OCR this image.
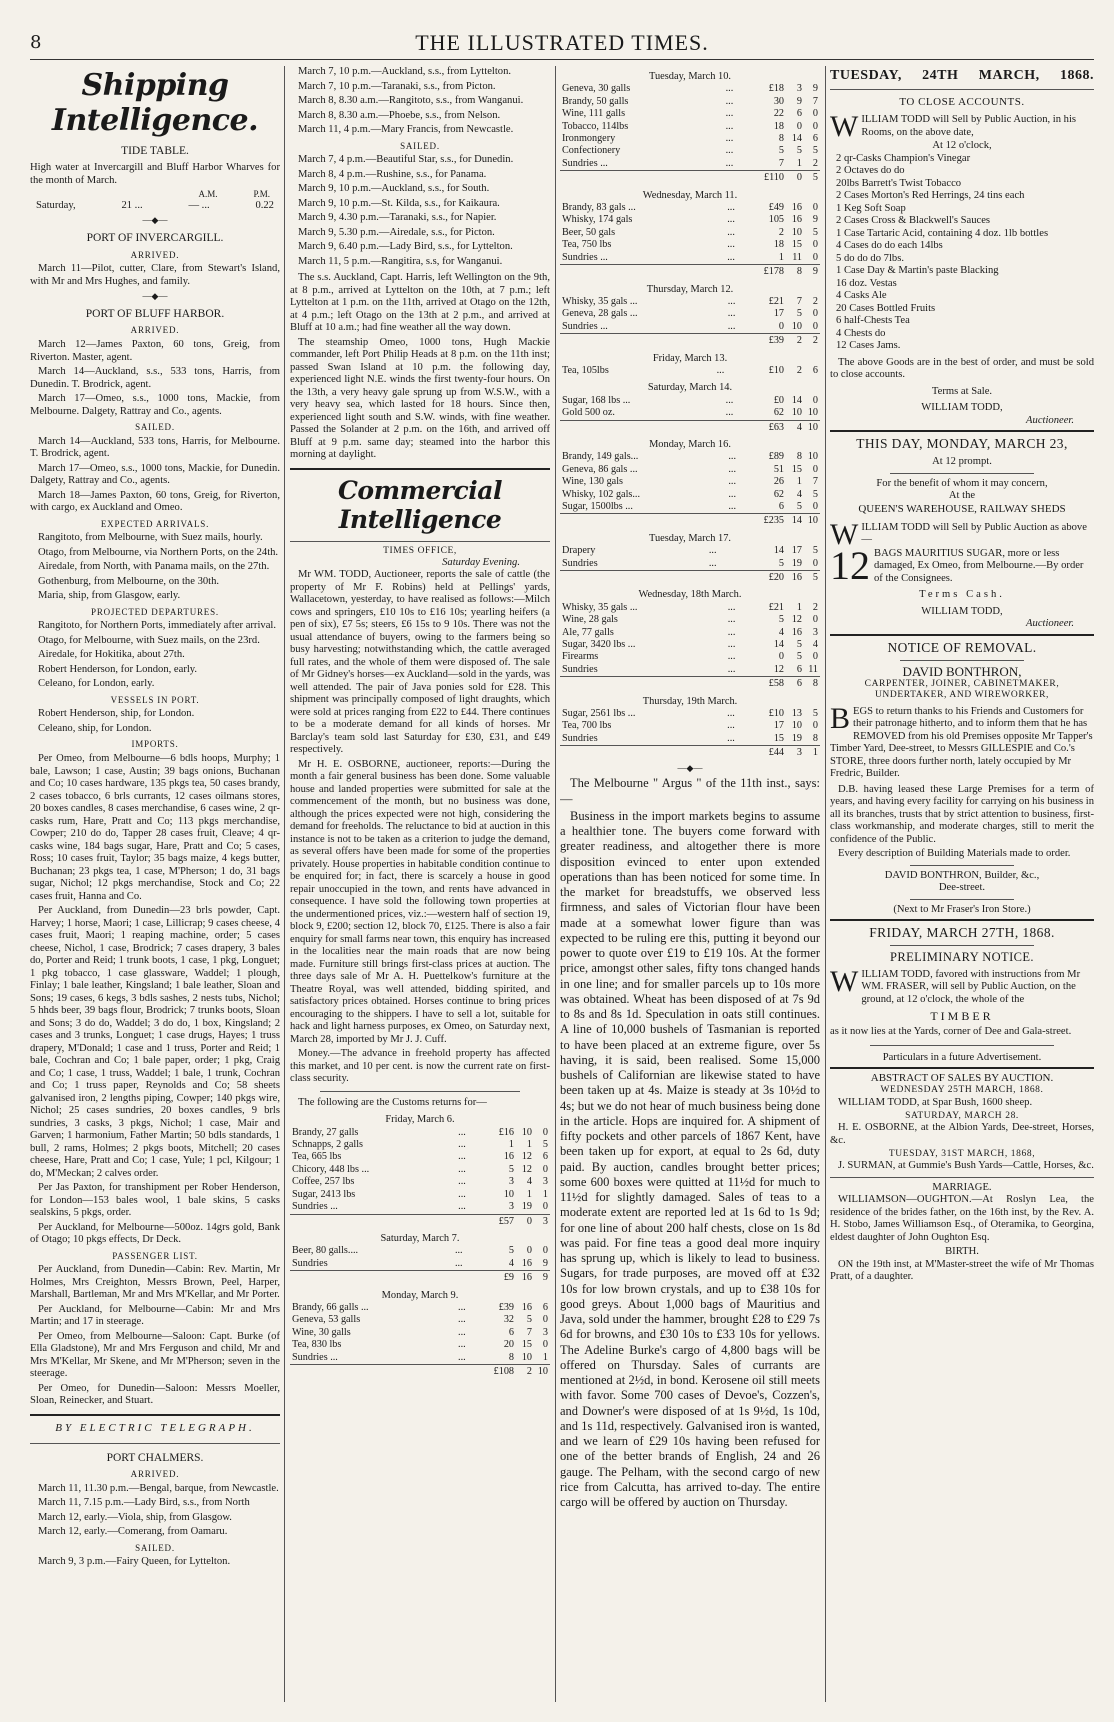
8	THE ILLUSTRATED TIMES.
Shipping Intelligence.
TIDE TABLE.

High water at Invercargill and Bluff Harbor Wharves for the month of March.

A.M.	P.M.
Saturday,	21 ...	— ...	0.22
—◆—
PORT OF INVERCARGILL.
ARRIVED.

March 11—Pilot, cutter, Clare, from Stewart's Island, with Mr and Mrs Hughes, and family.

—◆—
PORT OF BLUFF HARBOR.
ARRIVED.

March 12—James Paxton, 60 tons, Greig, from Riverton. Master, agent.

March 14—Auckland, s.s., 533 tons, Harris, from Dunedin. T. Brodrick, agent.

March 17—Omeo, s.s., 1000 tons, Mackie, from Melbourne. Dalgety, Rattray and Co., agents.

SAILED.

March 14—Auckland, 533 tons, Harris, for Melbourne. T. Brodrick, agent.

March 17—Omeo, s.s., 1000 tons, Mackie, for Dunedin. Dalgety, Rattray and Co., agents.

March 18—James Paxton, 60 tons, Greig, for Riverton, with cargo, ex Auckland and Omeo.

EXPECTED ARRIVALS.

Rangitoto, from Melbourne, with Suez mails, hourly.

Otago, from Melbourne, via Northern Ports, on the 24th.

Airedale, from North, with Panama mails, on the 27th.

Gothenburg, from Melbourne, on the 30th.

Maria, ship, from Glasgow, early.

PROJECTED DEPARTURES.

Rangitoto, for Northern Ports, immediately after arrival.

Otago, for Melbourne, with Suez mails, on the 23rd.

Airedale, for Hokitika, about 27th.

Robert Henderson, for London, early.

Celeano, for London, early.

VESSELS IN PORT.

Robert Henderson, ship, for London.

Celeano, ship, for London.

IMPORTS.

Per Omeo, from Melbourne—6 bdls hoops, Murphy; 1 bale, Lawson; 1 case, Austin; 39 bags onions, Buchanan and Co; 10 cases hardware, 135 pkgs tea, 50 cases brandy, 2 cases tobacco, 6 brls currants, 12 cases oilmans stores, 20 boxes candles, 8 cases merchandise, 6 cases wine, 2 qr-casks rum, Hare, Pratt and Co; 113 pkgs merchandise, Cowper; 210 do do, Tapper 28 cases fruit, Cleave; 4 qr-casks wine, 184 bags sugar, Hare, Pratt and Co; 5 cases, Ross; 10 cases fruit, Taylor; 35 bags maize, 4 kegs butter, Buchanan; 23 pkgs tea, 1 case, M'Pherson; 1 do, 31 bags sugar, Nichol; 12 pkgs merchandise, Stock and Co; 22 cases fruit, Hanna and Co.

Per Auckland, from Dunedin—23 brls powder, Capt. Harvey; 1 horse, Maori; 1 case, Lillicrap; 9 cases cheese, 4 cases fruit, Maori; 1 reaping machine, order; 5 cases cheese, Nichol, 1 case, Brodrick; 7 cases drapery, 3 bales do, Porter and Reid; 1 trunk boots, 1 case, 1 pkg, Longuet; 1 pkg tobacco, 1 case glassware, Waddel; 1 plough, Finlay; 1 bale leather, Kingsland; 1 bale leather, Sloan and Sons; 19 cases, 6 kegs, 3 bdls sashes, 2 nests tubs, Nichol; 5 hhds beer, 39 bags flour, Brodrick; 7 trunks boots, Sloan and Sons; 3 do do, Waddel; 3 do do, 1 box, Kingsland; 2 cases and 3 trunks, Longuet; 1 case drugs, Hayes; 1 truss drapery, M'Donald; 1 case and 1 truss, Porter and Reid; 1 bale, Cochran and Co; 1 bale paper, order; 1 pkg, Craig and Co; 1 case, 1 truss, Waddel; 1 bale, 1 trunk, Cochran and Co; 1 truss paper, Reynolds and Co; 58 sheets galvanised iron, 2 lengths piping, Cowper; 140 pkgs wire, Nichol; 25 cases sundries, 20 boxes candles, 9 brls sundries, 3 casks, 3 pkgs, Nichol; 1 case, Mair and Garven; 1 harmonium, Father Martin; 50 bdls standards, 1 bull, 2 rams, Holmes; 2 pkgs boots, Mitchell; 20 cases cheese, Hare, Pratt and Co; 1 case, Yule; 1 pcl, Kilgour; 1 do, M'Meckan; 2 calves order.

Per Jas Paxton, for transhipment per Rober Henderson, for London—153 bales wool, 1 bale skins, 5 casks sealskins, 5 pkgs, order.

Per Auckland, for Melbourne—500oz. 14grs gold, Bank of Otago; 10 pkgs effects, Dr Deck.

PASSENGER LIST.

Per Auckland, from Dunedin—Cabin: Rev. Martin, Mr Holmes, Mrs Creighton, Messrs Brown, Peel, Harper, Marshall, Bartleman, Mr and Mrs M'Kellar, and Mr Porter.

Per Auckland, for Melbourne—Cabin: Mr and Mrs Martin; and 17 in steerage.

Per Omeo, from Melbourne—Saloon: Capt. Burke (of Ella Gladstone), Mr and Mrs Ferguson and child, Mr and Mrs M'Kellar, Mr Skene, and Mr M'Pherson; seven in the steerage.

Per Omeo, for Dunedin—Saloon: Messrs Moeller, Sloan, Reinecker, and Stuart.

BY ELECTRIC TELEGRAPH.
PORT CHALMERS.
ARRIVED.

March 11, 11.30 p.m.—Bengal, barque, from Newcastle.

March 11, 7.15 p.m.—Lady Bird, s.s., from North

March 12, early.—Viola, ship, from Glasgow.

March 12, early.—Comerang, from Oamaru.

SAILED.

March 9, 3 p.m.—Fairy Queen, for Lyttelton.

March 7, 10 p.m.—Auckland, s.s., from Lyttelton.

March 7, 10 p.m.—Taranaki, s.s., from Picton.

March 8, 8.30 a.m.—Rangitoto, s.s., from Wanganui.

March 8, 8.30 a.m.—Phoebe, s.s., from Nelson.

March 11, 4 p.m.—Mary Francis, from Newcastle.

SAILED.

March 7, 4 p.m.—Beautiful Star, s.s., for Dunedin.

March 8, 4 p.m.—Rushine, s.s., for Panama.

March 9, 10 p.m.—Auckland, s.s., for South.

March 9, 10 p.m.—St. Kilda, s.s., for Kaikaura.

March 9, 4.30 p.m.—Taranaki, s.s., for Napier.

March 9, 5.30 p.m.—Airedale, s.s., for Picton.

March 9, 6.40 p.m.—Lady Bird, s.s., for Lyttelton.

March 11, 5 p.m.—Rangitira, s.s, for Wanganui.

The s.s. Auckland, Capt. Harris, left Wellington on the 9th, at 8 p.m., arrived at Lyttelton on the 10th, at 7 p.m.; left Lyttelton at 1 p.m. on the 11th, arrived at Otago on the 12th, at 4 p.m.; left Otago on the 13th at 2 p.m., and arrived at Bluff at 10 a.m.; had fine weather all the way down.

The steamship Omeo, 1000 tons, Hugh Mackie commander, left Port Philip Heads at 8 p.m. on the 11th inst; passed Swan Island at 10 p.m. the following day, experienced light N.E. winds the first twenty-four hours. On the 13th, a very heavy gale sprung up from W.S.W., with a very heavy sea, which lasted for 18 hours. Since then, experienced light south and S.W. winds, with fine weather. Passed the Solander at 2 p.m. on the 16th, and arrived off Bluff at 9 p.m. same day; steamed into the harbor this morning at daylight.

Commercial Intelligence
TIMES OFFICE,
Saturday Evening.

Mr WM. TODD, Auctioneer, reports the sale of cattle (the property of Mr F. Robins) held at Pellings' yards, Wallacetown, yesterday, to have realised as follows:—Milch cows and springers, £10 10s to £16 10s; yearling heifers (a pen of six), £7 5s; steers, £6 15s to 9 10s. There was not the usual attendance of buyers, owing to the farmers being so busy harvesting; notwithstanding which, the cattle averaged full rates, and the whole of them were disposed of. The sale of Mr Gidney's horses—ex Auckland—sold in the yards, was well attended. The pair of Java ponies sold for £28. This shipment was principally composed of light draughts, which were sold at prices ranging from £22 to £44. There continues to be a moderate demand for all kinds of horses. Mr Barclay's team sold last Saturday for £30, £31, and £49 respectively.

Mr H. E. OSBORNE, auctioneer, reports:—During the month a fair general business has been done. Some valuable house and landed properties were submitted for sale at the commencement of the month, but no business was done, although the prices expected were not high, considering the demand for freeholds. The reluctance to bid at auction in this instance is not to be taken as a criterion to judge the demand, as several offers have been made for some of the properties privately. House properties in habitable condition continue to be enquired for; in fact, there is scarcely a house in good repair unoccupied in the town, and rents have advanced in consequence. I have sold the following town properties at the undermentioned prices, viz.:—western half of section 19, block 9, £200; section 12, block 70, £125. There is also a fair enquiry for small farms near town, this enquiry has increased in the localities near the main roads that are now being made. Furniture still brings first-class prices at auction. The three days sale of Mr A. H. Puettelkow's furniture at the Theatre Royal, was well attended, bidding spirited, and satisfactory prices obtained. Horses continue to bring prices encouraging to the shippers. I have to sell a lot, suitable for hack and light harness purposes, ex Omeo, on Saturday next, March 28, imported by Mr J. J. Cuff.

Money.—The advance in freehold property has affected this market, and 10 per cent. is now the current rate on first-class security.

The following are the Customs returns for—

Friday, March 6.
Brandy, 27 galls	...	£16	10	0
Schnapps, 2 galls	...	1	1	5
Tea, 665 lbs	...	16	12	6
Chicory, 448 lbs ...	...	5	12	0
Coffee, 257 lbs	...	3	4	3
Sugar, 2413 lbs	...	10	1	1
Sundries ...	...	3	19	0
		£57	0	3
Saturday, March 7.
Beer, 80 galls....	...	5	0	0
Sundries	...	4	16	9
		£9	16	9
Monday, March 9.
Brandy, 66 galls ...	...	£39	16	6
Geneva, 53 galls	...	32	5	0
Wine, 30 galls	...	6	7	3
Tea, 830 lbs	...	20	15	0
Sundries ...	...	8	10	1
		£108	2	10
Tuesday, March 10.
Geneva, 30 galls	...	£18	3	9
Brandy, 50 galls	...	30	9	7
Wine, 111 galls	...	22	6	0
Tobacco, 114lbs	...	18	0	0
Ironmongery	...	8	14	6
Confectionery	...	5	5	5
Sundries ...	...	7	1	2
		£110	0	5
Wednesday, March 11.
Brandy, 83 gals ...	...	£49	16	0
Whisky, 174 gals	...	105	16	9
Beer, 50 gals	...	2	10	5
Tea, 750 lbs	...	18	15	0
Sundries ...	...	1	11	0
		£178	8	9
Thursday, March 12.
Whisky, 35 gals ...	...	£21	7	2
Geneva, 28 gals ...	...	17	5	0
Sundries ...	...	0	10	0
		£39	2	2
Friday, March 13.
Tea, 105lbs	...	£10	2	6
Saturday, March 14.
Sugar, 168 lbs ...	...	£0	14	0
Gold 500 oz.	...	62	10	10
		£63	4	10
Monday, March 16.
Brandy, 149 gals...	...	£89	8	10
Geneva, 86 gals ...	...	51	15	0
Wine, 130 gals	...	26	1	7
Whisky, 102 gals...	...	62	4	5
Sugar, 1500lbs ...	...	6	5	0
		£235	14	10
Tuesday, March 17.
Drapery	...	14	17	5
Sundries	...	5	19	0
		£20	16	5
Wednesday, 18th March.
Whisky, 35 gals ...	...	£21	1	2
Wine, 28 gals	...	5	12	0
Ale, 77 galls	...	4	16	3
Sugar, 3420 lbs ...	...	14	5	4
Firearms	...	0	5	0
Sundries	...	12	6	11
		£58	6	8
Thursday, 19th March.
Sugar, 2561 lbs ...	...	£10	13	5
Tea, 700 lbs	...	17	10	0
Sundries	...	15	19	8
		£44	3	1
—◆—
The Melbourne " Argus " of the 11th inst., says:—
Business in the import markets begins to assume a healthier tone. The buyers come forward with greater readiness, and altogether there is more disposition evinced to enter upon extended operations than has been noticed for some time. In the market for breadstuffs, we observed less firmness, and sales of Victorian flour have been made at a somewhat lower figure than was expected to be ruling ere this, putting it beyond our power to quote over £19 to £19 10s. At the former price, amongst other sales, fifty tons changed hands in one line; and for smaller parcels up to 10s more was obtained. Wheat has been disposed of at 7s 9d to 8s and 8s 1d. Speculation in oats still continues. A line of 10,000 bushels of Tasmanian is reported to have been placed at an extreme figure, over 5s having, it is said, been realised. Some 15,000 bushels of Californian are likewise stated to have been taken up at 4s. Maize is steady at 3s 10½d to 4s; but we do not hear of much business being done in the article. Hops are inquired for. A shipment of fifty pockets and other parcels of 1867 Kent, have been taken up for export, at equal to 2s 6d, duty paid. By auction, candles brought better prices; some 600 boxes were quitted at 11½d for much to 11½d for slightly damaged. Sales of teas to a moderate extent are reported led at 1s 6d to 1s 9d; for one line of about 200 half chests, close on 1s 8d was paid. For fine teas a good deal more inquiry has sprung up, which is likely to lead to business. Sugars, for trade purposes, are moved off at £32 10s for low brown crystals, and up to £38 10s for good greys. About 1,000 bags of Mauritius and Java, sold under the hammer, brought £28 to £29 7s 6d for browns, and £30 10s to £33 10s for yellows. The Adeline Burke's cargo of 4,800 bags will be offered on Thursday. Sales of currants are mentioned at 2½d, in bond. Kerosene oil still meets with favor. Some 700 cases of Devoe's, Cozzen's, and Downer's were disposed of at 1s 9½d, 1s 10d, and 1s 11d, respectively. Galvanised iron is wanted, and we learn of £29 10s having been refused for one of the better brands of English, 24 and 26 gauge. The Pelham, with the second cargo of new rice from Calcutta, has arrived to-day. The entire cargo will be offered by auction on Thursday.
TUESDAY, 24TH MARCH, 1868.
TO CLOSE ACCOUNTS.
WILLIAM TODD will Sell by Public Auction, in his Rooms, on the above date,
At 12 o'clock,
2 qr-Casks Champion's Vinegar
2 Octaves do do
20lbs Barrett's Twist Tobacco
2 Cases Morton's Red Herrings, 24 tins each
1 Keg Soft Soap
2 Cases Cross & Blackwell's Sauces
1 Case Tartaric Acid, containing 4 doz. 1lb bottles
4 Cases do do each 14lbs
5 do do do 7lbs.
1 Case Day & Martin's paste Blacking
16 doz. Vestas
4 Casks Ale
20 Cases Bottled Fruits
6 half-Chests Tea
4 Chests do
12 Cases Jams.

The above Goods are in the best of order, and must be sold to close accounts.

Terms at Sale.
WILLIAM TODD,
Auctioneer.
THIS DAY, MONDAY, MARCH 23,
At 12 prompt.
For the benefit of whom it may concern,
At the
QUEEN'S WAREHOUSE, RAILWAY SHEDS
WILLIAM TODD will Sell by Public Auction as above—
12 BAGS MAURITIUS SUGAR, more or less damaged, Ex Omeo, from Melbourne.—By order of the Consignees.
Terms Cash.
WILLIAM TODD,
Auctioneer.
NOTICE OF REMOVAL.
DAVID BONTHRON,
CARPENTER, JOINER, CABINETMAKER, UNDERTAKER, AND WIREWORKER,
BEGS to return thanks to his Friends and Customers for their patronage hitherto, and to inform them that he has REMOVED from his old Premises opposite Mr Tapper's Timber Yard, Dee-street, to Messrs GILLESPIE and Co.'s STORE, three doors further north, lately occupied by Mr Fredric, Builder.

D.B. having leased these Large Premises for a term of years, and having every facility for carrying on his business in all its branches, trusts that by strict attention to business, first-class workmanship, and moderate charges, still to merit the confidence of the Public.

Every description of Building Materials made to order.

DAVID BONTHRON, Builder, &c.,
Dee-street.
(Next to Mr Fraser's Iron Store.)
FRIDAY, MARCH 27TH, 1868.
PRELIMINARY NOTICE.
WILLIAM TODD, favored with instructions from Mr WM. FRASER, will sell by Public Auction, on the ground, at 12 o'clock, the whole of the
TIMBER

as it now lies at the Yards, corner of Dee and Gala-street.

Particulars in a future Advertisement.
ABSTRACT OF SALES BY AUCTION.
WEDNESDAY 25TH MARCH, 1868.

WILLIAM TODD, at Spar Bush, 1600 sheep.

SATURDAY, MARCH 28.

H. E. OSBORNE, at the Albion Yards, Dee-street, Horses, &c.

TUESDAY, 31ST MARCH, 1868,

J. SURMAN, at Gummie's Bush Yards—Cattle, Horses, &c.

MARRIAGE.

WILLIAMSON—OUGHTON.—At Roslyn Lea, the residence of the brides father, on the 16th inst, by the Rev. A. H. Stobo, James Williamson Esq., of Oteramika, to Georgina, eldest daughter of John Oughton Esq.

BIRTH.

ON the 19th inst, at M'Master-street the wife of Mr Thomas Pratt, of a daughter.
